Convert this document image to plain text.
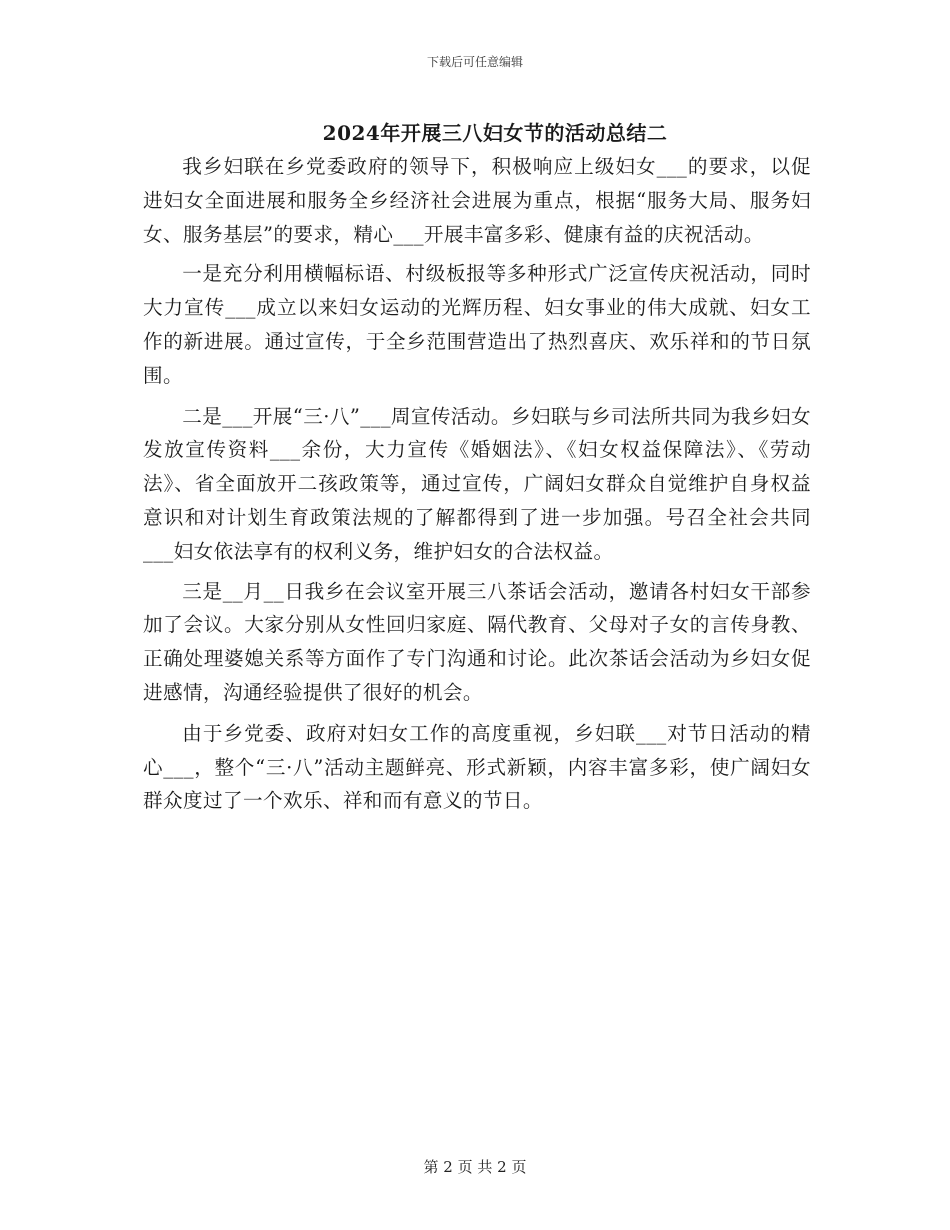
下载后可任意编辑
2024年开展三八妇女节的活动总结二

我乡妇联在乡党委政府的领导下，积极响应上级妇女___的要求，以促进妇女全面进展和服务全乡经济社会进展为重点，根据“服务大局、服务妇女、服务基层”的要求，精心___开展丰富多彩、健康有益的庆祝活动。

一是充分利用横幅标语、村级板报等多种形式广泛宣传庆祝活动，同时大力宣传___成立以来妇女运动的光辉历程、妇女事业的伟大成就、妇女工作的新进展。通过宣传，于全乡范围营造出了热烈喜庆、欢乐祥和的节日氛围。

二是___开展“三·八”___周宣传活动。乡妇联与乡司法所共同为我乡妇女发放宣传资料___余份，大力宣传《婚姻法》、《妇女权益保障法》、《劳动法》、省全面放开二孩政策等，通过宣传，广阔妇女群众自觉维护自身权益意识和对计划生育政策法规的了解都得到了进一步加强。号召全社会共同___妇女依法享有的权利义务，维护妇女的合法权益。

三是__月__日我乡在会议室开展三八茶话会活动，邀请各村妇女干部参加了会议。大家分别从女性回归家庭、隔代教育、父母对子女的言传身教、正确处理婆媳关系等方面作了专门沟通和讨论。此次茶话会活动为乡妇女促进感情，沟通经验提供了很好的机会。

由于乡党委、政府对妇女工作的高度重视，乡妇联___对节日活动的精心___，整个“三·八”活动主题鲜亮、形式新颖，内容丰富多彩，使广阔妇女群众度过了一个欢乐、祥和而有意义的节日。

第 2 页 共 2 页
